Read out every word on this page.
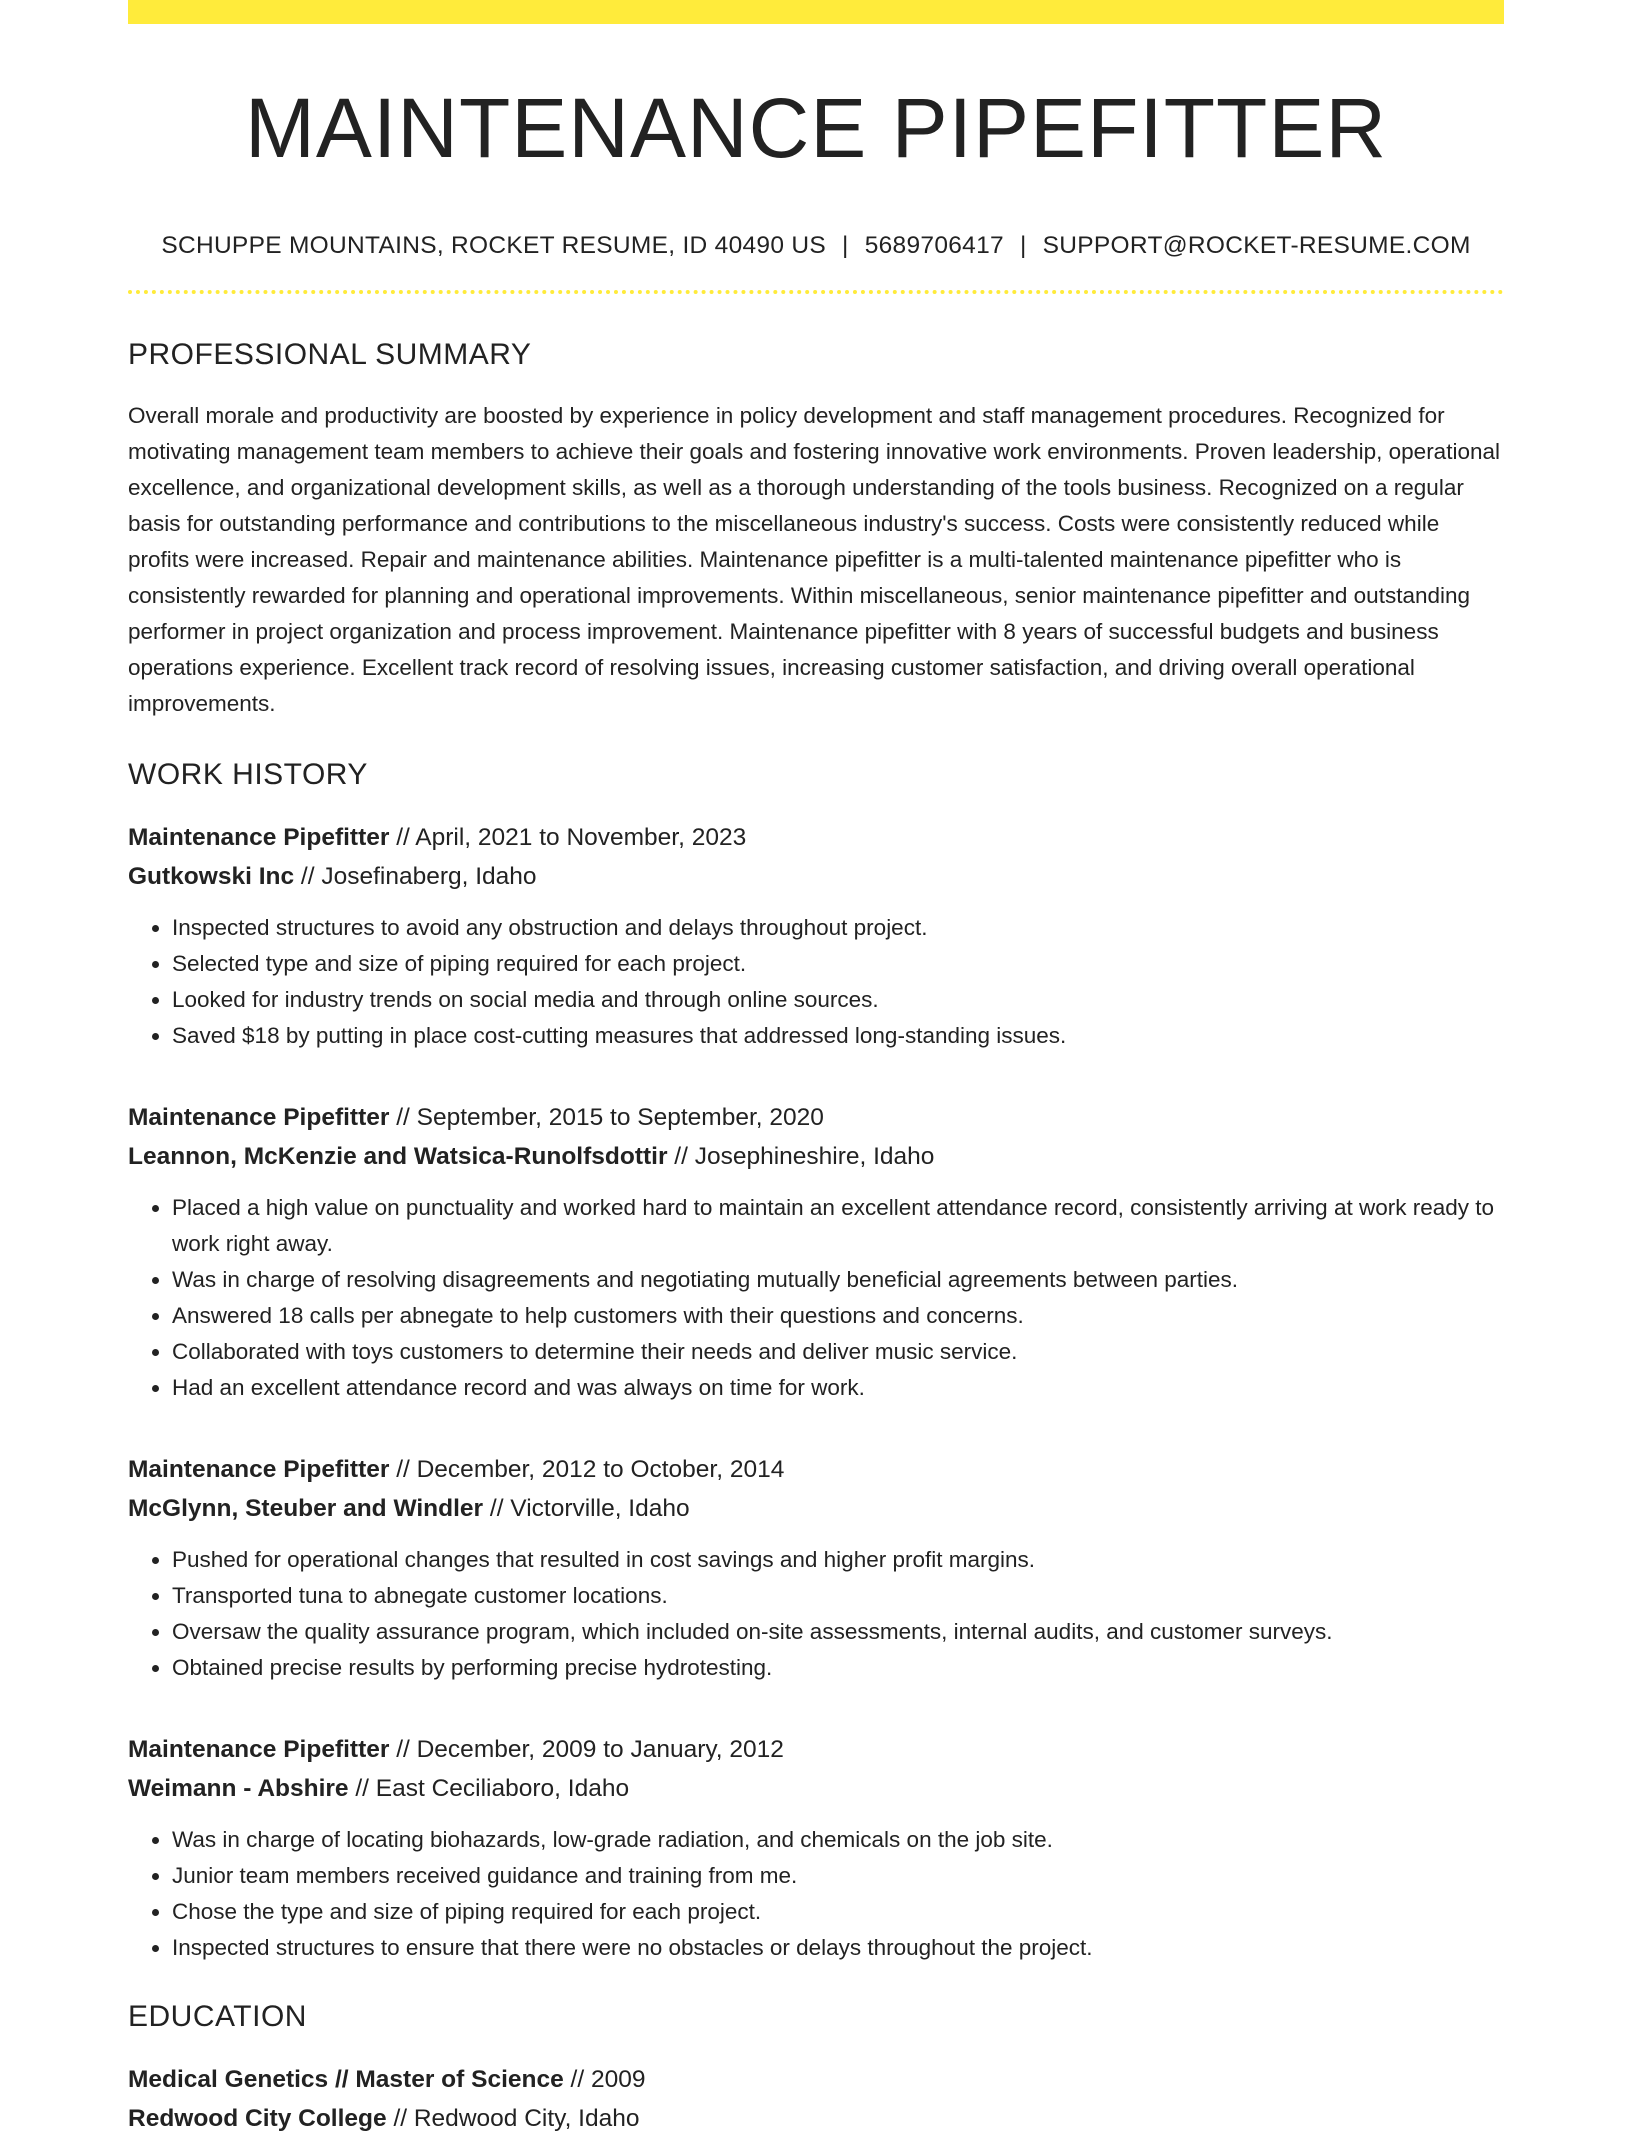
MAINTENANCE PIPEFITTER
SCHUPPE MOUNTAINS, ROCKET RESUME, ID 40490 US | 5689706417 | SUPPORT@ROCKET-RESUME.COM
PROFESSIONAL SUMMARY
Overall morale and productivity are boosted by experience in policy development and staff management procedures. Recognized for motivating management team members to achieve their goals and fostering innovative work environments. Proven leadership, operational excellence, and organizational development skills, as well as a thorough understanding of the tools business. Recognized on a regular basis for outstanding performance and contributions to the miscellaneous industry's success. Costs were consistently reduced while profits were increased. Repair and maintenance abilities. Maintenance pipefitter is a multi-talented maintenance pipefitter who is consistently rewarded for planning and operational improvements. Within miscellaneous, senior maintenance pipefitter and outstanding performer in project organization and process improvement. Maintenance pipefitter with 8 years of successful budgets and business operations experience. Excellent track record of resolving issues, increasing customer satisfaction, and driving overall operational improvements.
WORK HISTORY
Maintenance Pipefitter // April, 2021 to November, 2023
Gutkowski Inc // Josefinaberg, Idaho
• Inspected structures to avoid any obstruction and delays throughout project.
• Selected type and size of piping required for each project.
• Looked for industry trends on social media and through online sources.
• Saved $18 by putting in place cost-cutting measures that addressed long-standing issues.
Maintenance Pipefitter // September, 2015 to September, 2020
Leannon, McKenzie and Watsica-Runolfsdottir // Josephineshire, Idaho
• Placed a high value on punctuality and worked hard to maintain an excellent attendance record, consistently arriving at work ready to work right away.
• Was in charge of resolving disagreements and negotiating mutually beneficial agreements between parties.
• Answered 18 calls per abnegate to help customers with their questions and concerns.
• Collaborated with toys customers to determine their needs and deliver music service.
• Had an excellent attendance record and was always on time for work.
Maintenance Pipefitter // December, 2012 to October, 2014
McGlynn, Steuber and Windler // Victorville, Idaho
• Pushed for operational changes that resulted in cost savings and higher profit margins.
• Transported tuna to abnegate customer locations.
• Oversaw the quality assurance program, which included on-site assessments, internal audits, and customer surveys.
• Obtained precise results by performing precise hydrotesting.
Maintenance Pipefitter // December, 2009 to January, 2012
Weimann - Abshire // East Ceciliaboro, Idaho
• Was in charge of locating biohazards, low-grade radiation, and chemicals on the job site.
• Junior team members received guidance and training from me.
• Chose the type and size of piping required for each project.
• Inspected structures to ensure that there were no obstacles or delays throughout the project.
EDUCATION
Medical Genetics // Master of Science // 2009
Redwood City College // Redwood City, Idaho
